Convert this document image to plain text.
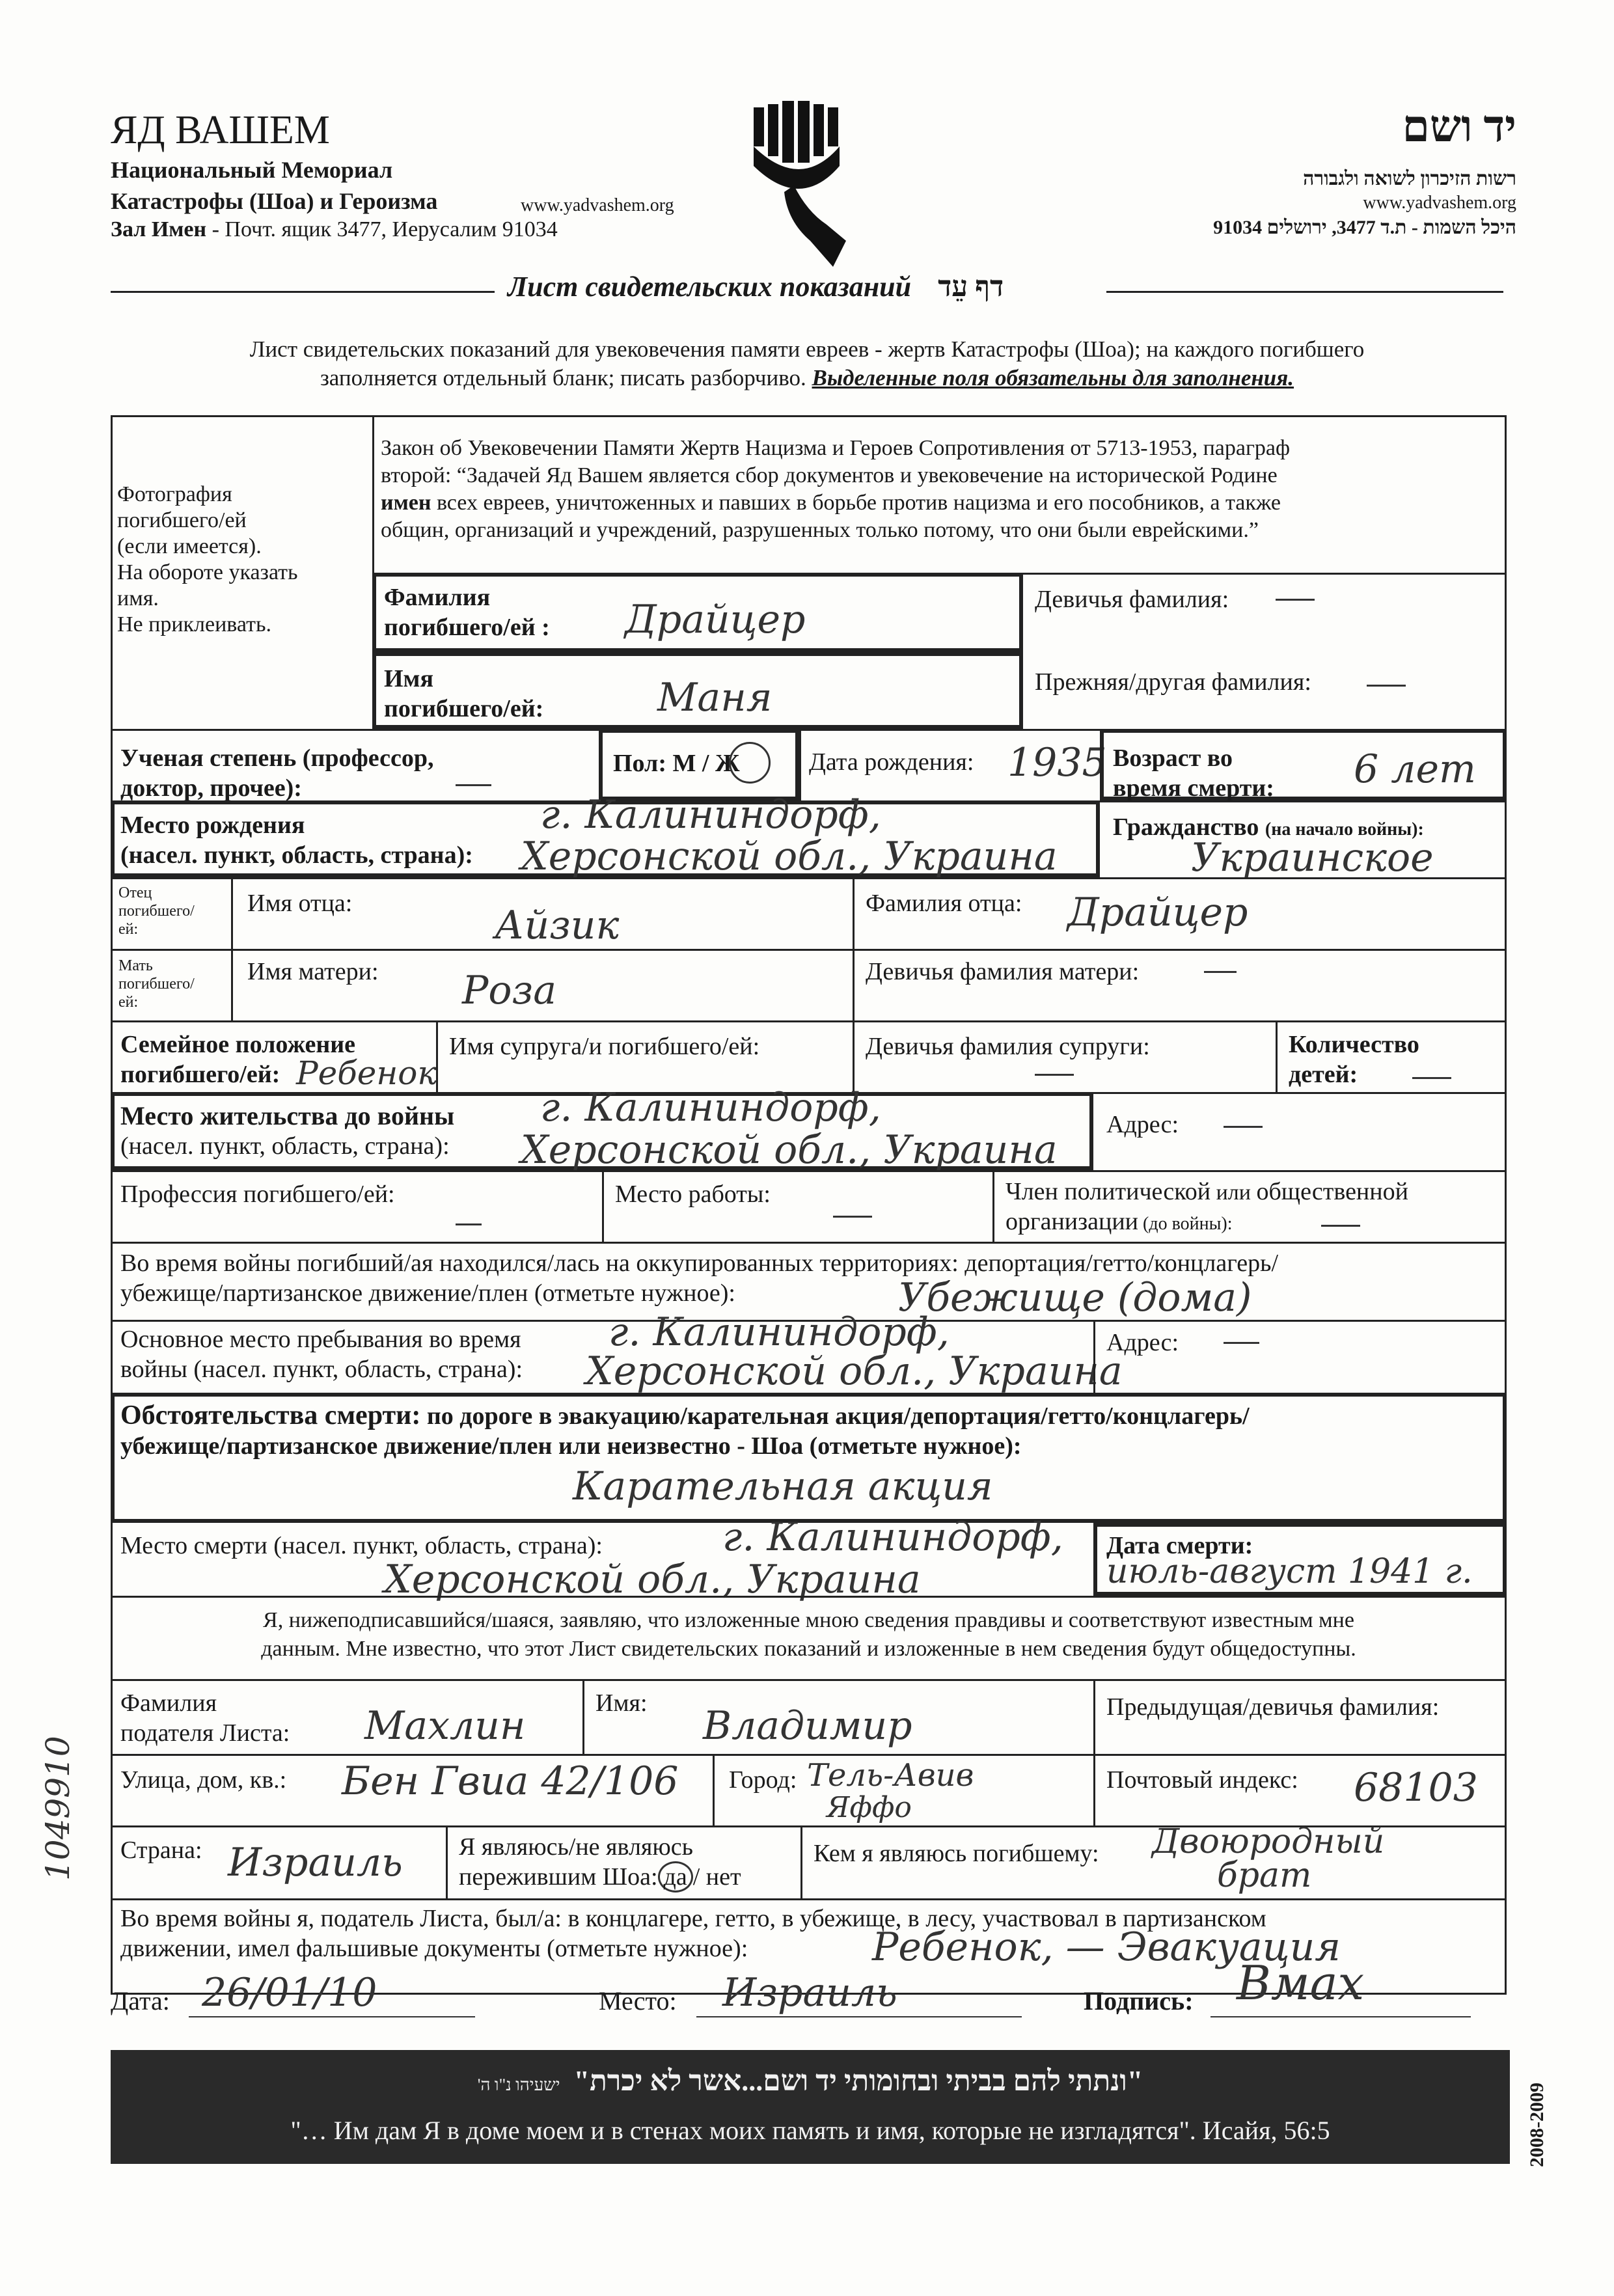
ЯД ВАШЕМ
Национальный Мемориал
Катастрофы (Шоа) и Героизма
Зал Имен - Почт. ящик 3477, Иерусалим 91034
www.yadvashem.org
יד ושם
רשות הזיכרון לשואה ולגבורה
www.yadvashem.org
היכל השמות - ת.ד 3477, ירושלים 91034
Лист свидетельских показаний דף עֵד
Лист свидетельских показаний для увековечения памяти евреев - жертв Катастрофы (Шоа); на каждого погибшего
заполняется отдельный бланк; писать разборчиво. Выделенные поля обязательны для заполнения.
Фотография
погибшего/ей
(если имеется).
На обороте указать
имя.
Не приклеивать.
Закон об Увековечении Памяти Жертв Нацизма и Героев Сопротивления от 5713-1953, параграф
второй: “Задачей Яд Вашем является сбор документов и увековечение на исторической Родине
имен всех евреев, уничтоженных и павших в борьбе против нацизма и его пособников, а также
общин, организаций и учреждений, разрушенных только потому, что они были еврейскими.”
Фамилия
погибшего/ей : Драйцер	Девичья фамилия:
Имя
погибшего/ей:	Маня	Прежняя/другая фамилия:
Ученая степень (профессор,
доктор, прочее):
Пол: М / Ж	Дата рождения: 1935 Возраст во
время смерти: 6 лет
Место рождения
(насел. пункт, область, страна):
г. Калининдорф,
Херсонской обл., Украина
Гражданство (на начало войны):
Украинское
Отец
погибшего/
ей:
Имя отца:	Айзик	Фамилия отца: Драйцер
Мать
погибшего/
ей:
Имя матери: Роза	Девичья фамилия матери:
Семейное положение
погибшего/ей: Ребенок
Имя супруга/и погибшего/ей:	Девичья фамилия супруги:	Количество
детей:
Место жительства до войны
(насел. пункт, область, страна):
г. Калининдорф,
Херсонской обл., Украина
Адрес:
Профессия погибшего/ей:	Место работы:	Член политической или общественной
организации (до войны):
Во время войны погибший/ая находился/лась на оккупированных территориях: депортация/гетто/концлагерь/
убежище/партизанское движение/плен (отметьте нужное):	Убежище (дома)
Основное место пребывания во время
войны (насел. пункт, область, страна):
г. Калининдорф,
Херсонской обл., Украина
Адрес:
Обстоятельства смерти: по дороге в эвакуацию/карательная акция/депортация/гетто/концлагерь/
убежище/партизанское движение/плен или неизвестно - Шоа (отметьте нужное):
Карательная акция
Место смерти (насел. пункт, область, страна):	г. Калининдорф,
Херсонской обл., Украина
Дата смерти:
июль-август 1941 г.
Я, нижеподписавшийся/шаяся, заявляю, что изложенные мною сведения правдивы и соответствуют известным мне
данным. Мне известно, что этот Лист свидетельских показаний и изложенные в нем сведения будут общедоступны.
Фамилия
подателя Листа: Махлин	Имя: Владимир	Предыдущая/девичья фамилия:
Улица, дом, кв.: Бен Гвиа 42/106 Город: Тель-Авив
Яффо
Почтовый индекс: 68103
Страна: Израиль Я являюсь/не являюсь
пережившим Шоа: да / нет
Кем я являюсь погибшему: Двоюродный
брат
Во время войны я, податель Листа, был/а: в концлагере, гетто, в убежище, в лесу, участвовал в партизанском
движении, имел фальшивые документы (отметьте нужное):	Ребенок, — Эвакуация
1049910
Дата: 26/01/10	Место: Израиль	Подпись: Вмах
"ונתתי להם בביתי ובחומותי יד ושם...אשר לא יכרת" ישעיהו נ"ו ה'
"… Им дам Я в доме моем и в стенах моих память и имя, которые не изгладятся". Исайя, 56:5	2008-2009
